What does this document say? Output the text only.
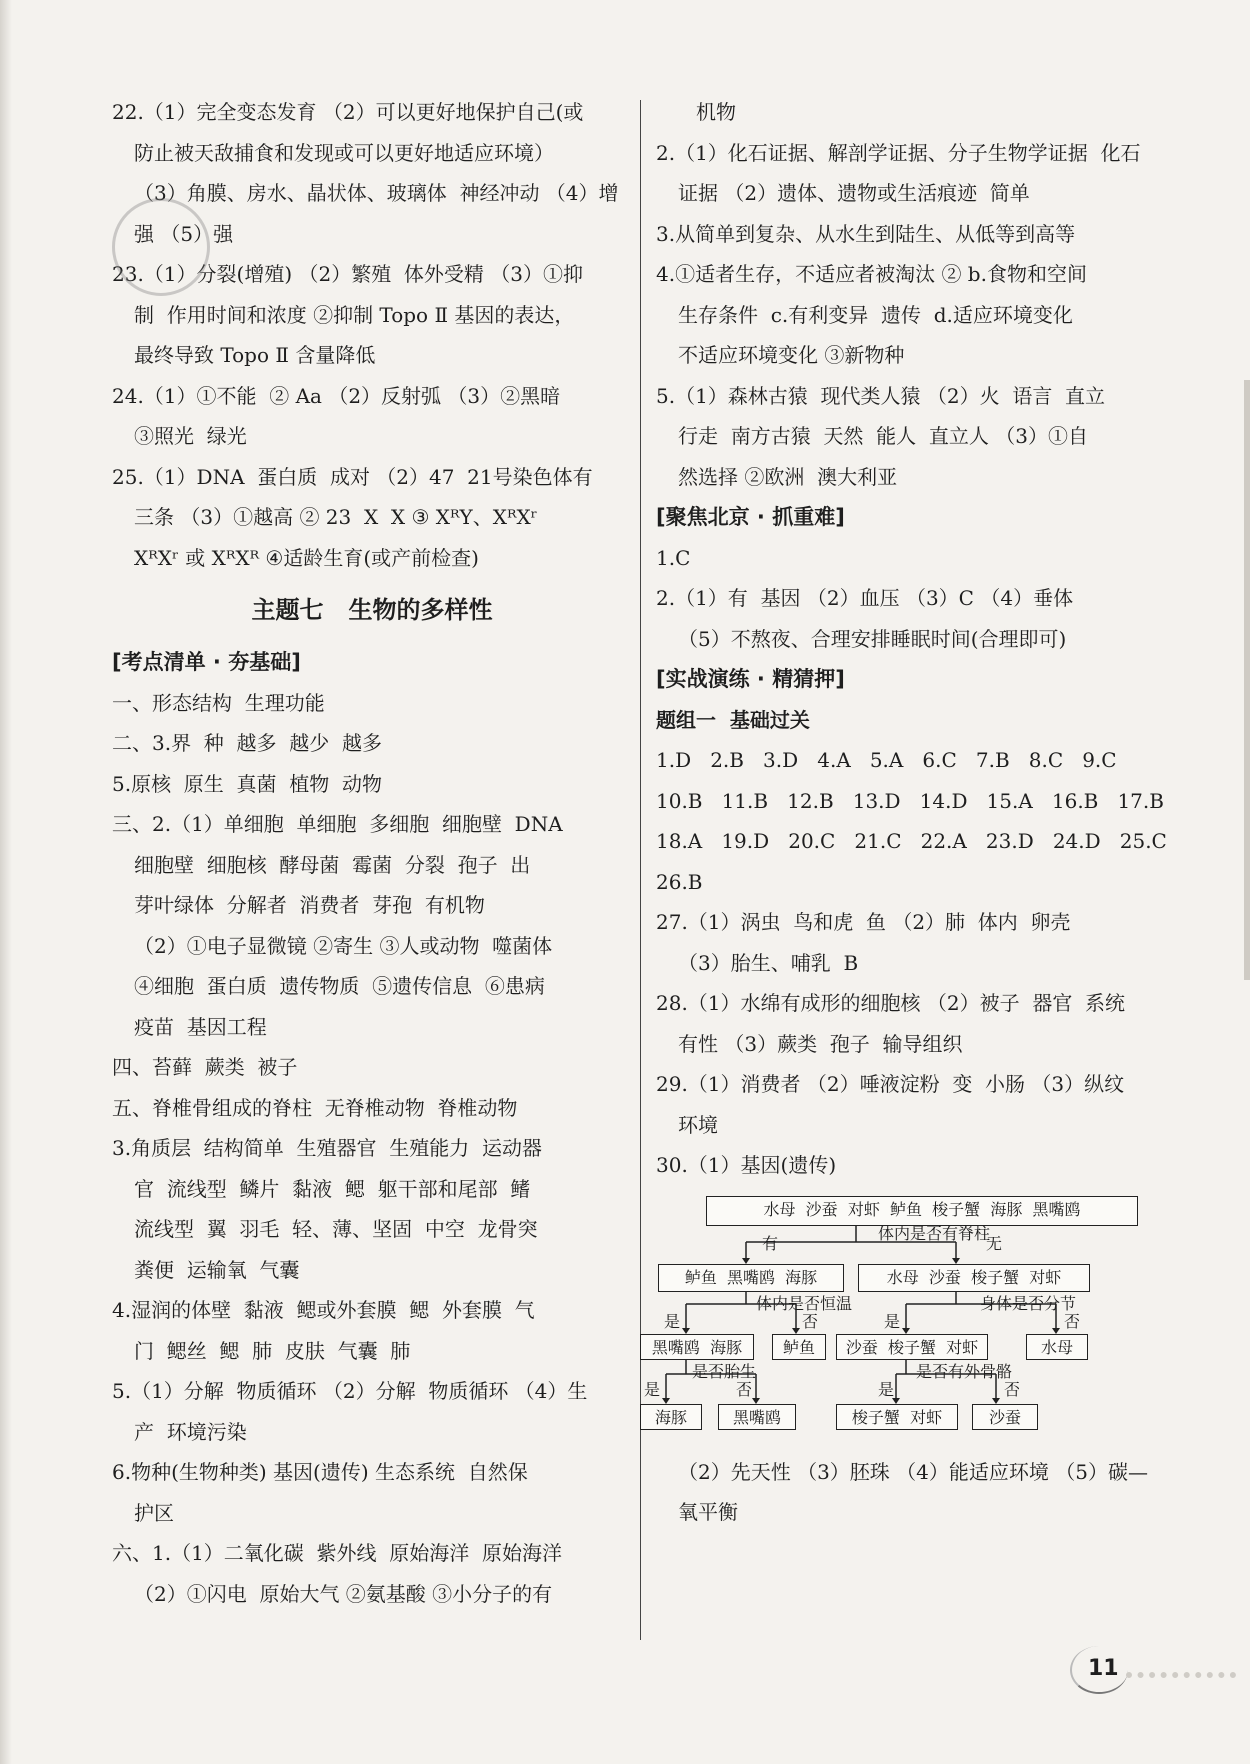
22.（1）完全变态发育 （2）可以更好地保护自己(或
防止被天敌捕食和发现或可以更好地适应环境）
（3）角膜、房水、晶状体、玻璃体  神经冲动 （4）增
强 （5）强
23.（1）分裂(增殖) （2）繁殖  体外受精 （3）①抑
制  作用时间和浓度 ②抑制 Topo Ⅱ 基因的表达，
最终导致 Topo Ⅱ 含量降低
24.（1）①不能  ② Aa （2）反射弧 （3）②黑暗
③照光  绿光
25.（1）DNA  蛋白质  成对 （2）47  21号染色体有
三条 （3）①越高 ② 23  X  X ③ XᴿY、XᴿXʳ
XᴿXʳ 或 XᴿXᴿ ④适龄生育(或产前检查)
主题七   生物的多样性
[考点清单 · 夯基础]
一、形态结构  生理功能
二、3.界  种  越多  越少  越多
5.原核  原生  真菌  植物  动物
三、2.（1）单细胞  单细胞  多细胞  细胞壁  DNA
细胞壁  细胞核  酵母菌  霉菌  分裂  孢子  出
芽叶绿体  分解者  消费者  芽孢  有机物
（2）①电子显微镜 ②寄生 ③人或动物  噬菌体
④细胞  蛋白质  遗传物质  ⑤遗传信息  ⑥患病
疫苗  基因工程
四、苔藓  蕨类  被子
五、脊椎骨组成的脊柱  无脊椎动物  脊椎动物
3.角质层  结构简单  生殖器官  生殖能力  运动器
官  流线型  鳞片  黏液  鳃  躯干部和尾部  鳍
流线型  翼  羽毛  轻、薄、坚固  中空  龙骨突
粪便  运输氧  气囊
4.湿润的体壁  黏液  鳃或外套膜  鳃  外套膜  气
门  鳃丝  鳃  肺  皮肤  气囊  肺
5.（1）分解  物质循环 （2）分解  物质循环 （4）生
产  环境污染
6.物种(生物种类) 基因(遗传) 生态系统  自然保
护区
六、1.（1）二氧化碳  紫外线  原始海洋  原始海洋
（2）①闪电  原始大气 ②氨基酸 ③小分子的有
机物
2.（1）化石证据、解剖学证据、分子生物学证据  化石
证据 （2）遗体、遗物或生活痕迹  简单
3.从简单到复杂、从水生到陆生、从低等到高等
4.①适者生存，不适应者被淘汰 ② b.食物和空间
生存条件  c.有利变异  遗传  d.适应环境变化
不适应环境变化 ③新物种
5.（1）森林古猿  现代类人猿 （2）火  语言  直立
行走  南方古猿  天然  能人  直立人 （3）①自
然选择 ②欧洲  澳大利亚
[聚焦北京 · 抓重难]
1.C
2.（1）有  基因 （2）血压 （3）C （4）垂体
（5）不熬夜、合理安排睡眠时间(合理即可)
[实战演练 · 精猜押]
题组一  基础过关
1.D   2.B   3.D   4.A   5.A   6.C   7.B   8.C   9.C
10.B   11.B   12.B   13.D   14.D   15.A   16.B   17.B
18.A   19.D   20.C   21.C   22.A   23.D   24.D   25.C
26.B
27.（1）涡虫  鸟和虎  鱼 （2）肺  体内  卵壳
（3）胎生、哺乳  B
28.（1）水绵有成形的细胞核 （2）被子  器官  系统
有性 （3）蕨类  孢子  输导组织
29.（1）消费者 （2）唾液淀粉  变  小肠 （3）纵纹
环境
30.（1）基因(遗传)
水母  沙蚕  对虾  鲈鱼  梭子蟹  海豚  黑嘴鸥
体内是否有脊柱
有	无
鲈鱼  黑嘴鸥  海豚	水母  沙蚕  梭子蟹  对虾
体内是否恒温	身体是否分节
是	否	是	否
黑嘴鸥  海豚	鲈鱼	沙蚕  梭子蟹  对虾	水母
是否胎生	是否有外骨骼
是	否	是	否
海豚	黑嘴鸥	梭子蟹  对虾	沙蚕
（2）先天性 （3）胚珠 （4）能适应环境 （5）碳—
氧平衡
11
